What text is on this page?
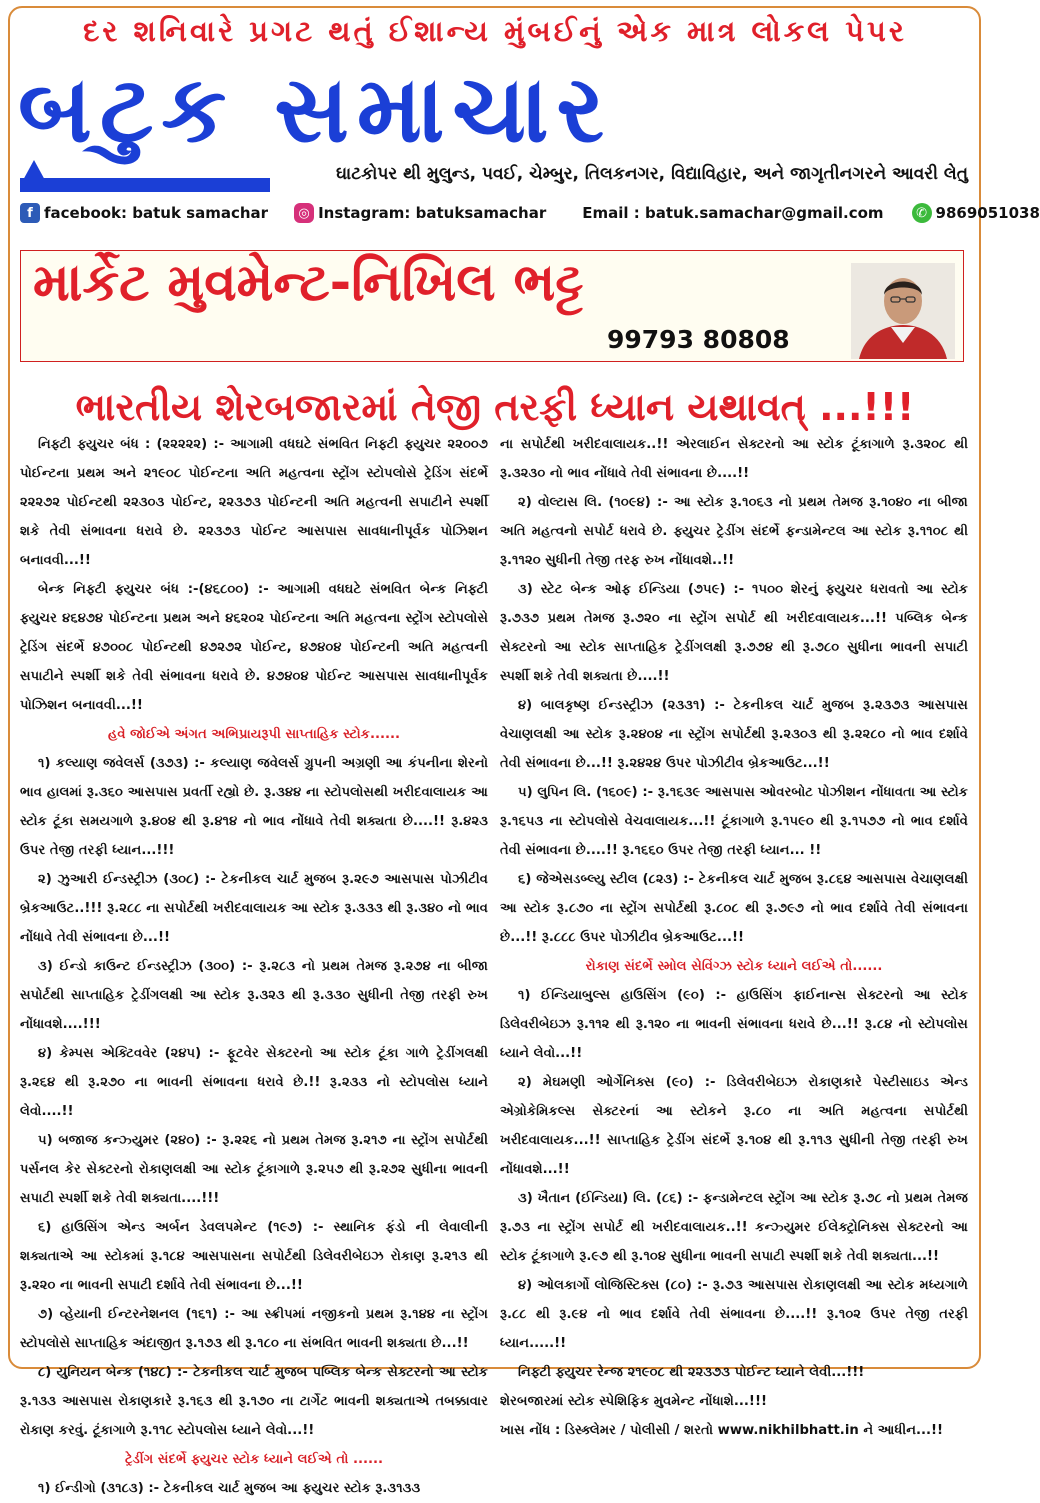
દર શનિવારે પ્રગટ થતું ઈશાન્ય મુંબઈનું એક માત્ર લોકલ પેપર
બટુક સમાચાર
ઘાટકોપર થી મુલુન્ડ, પવઈ, ચેમ્બુર, તિલકનગર, વિદ્યાવિહાર, અને જાગૃતીનગરને આવરી લેતુ
f facebook: batuk samachar	◎ Instagram: batuksamachar Email : batuk.samachar@gmail.com	✆ 9869051038
માર્કેટ મુવમેન્ટ-નિખિલ ભટ્ટ
99793 80808
ભારતીય શેરબજારમાં તેજી તરફી ધ્યાન યથાવત્ ...!!!

નિફ્ટી ફ્યુચર બંધ : (૨૨૨૨૨) :- આગામી વધઘટે સંભવિત નિફ્ટી ફ્યુચર ૨૨૦૦૭ પોઈન્ટના પ્રથમ અને ૨૧૯૦૮ પોઈન્ટના અતિ મહત્વના સ્ટ્રોંગ સ્ટોપલોસે ટ્રેડિંગ સંદર્ભે ૨૨૨૭૨ પોઈન્ટથી ૨૨૩૦૩ પોઈન્ટ, ૨૨૩૭૩ પોઈન્ટની અતિ મહત્વની સપાટીને સ્પર્શી શકે તેવી સંભાવના ધરાવે છે. ૨૨૩૭૩ પોઈન્ટ આસપાસ સાવધાનીપૂર્વક પોઝિશન બનાવવી...!!

બેન્ક નિફ્ટી ફ્યુચર બંધ :-(૪૬૮૦૦) :- આગામી વધઘટે સંભવિત બેન્ક નિફ્ટી ફ્યુચર ૪૬૪૭૪ પોઈન્ટના પ્રથમ અને ૪૬૨૦૨ પોઈન્ટના અતિ મહત્વના સ્ટ્રોંગ સ્ટોપલોસે ટ્રેડિંગ સંદર્ભે ૪૭૦૦૮ પોઈન્ટથી ૪૭૨૭૨ પોઈન્ટ, ૪૭૪૦૪ પોઈન્ટની અતિ મહત્વની સપાટીને સ્પર્શી શકે તેવી સંભાવના ધરાવે છે. ૪૭૪૦૪ પોઈન્ટ આસપાસ સાવધાનીપૂર્વક પોઝિશન બનાવવી...!!

હવે જોઈએ અંગત અભિપ્રાયરૂપી સાપ્તાહિક સ્ટોક......

૧) કલ્યાણ જવેલર્સ (૩૭૩) :- કલ્યાણ જવેલર્સ ગ્રુપની અગ્રણી આ કંપનીના શેરનો ભાવ હાલમાં રૂ.૩૬૦ આસપાસ પ્રવર્તી રહ્યો છે. રૂ.૩૪૪ ના સ્ટોપલોસથી ખરીદવાલાયક આ સ્ટોક ટૂંકા સમયગાળે રૂ.૪૦૪ થી રૂ.૪૧૪ નો ભાવ નોંધાવે તેવી શક્યતા છે....!! રૂ.૪૨૩ ઉપર તેજી તરફી ધ્યાન...!!!

૨) ઝુઆરી ઈન્ડસ્ટ્રીઝ (૩૦૮) :- ટેકનીકલ ચાર્ટ મુજબ રૂ.૨૯૭ આસપાસ પોઝીટીવ બ્રેકઆઉટ..!!! રૂ.૨૮૮ ના સપોર્ટથી ખરીદવાલાયક આ સ્ટોક રૂ.૩૩૩ થી રૂ.૩૪૦ નો ભાવ નોંધાવે તેવી સંભાવના છે...!!

૩) ઈન્ડો કાઉન્ટ ઈન્ડસ્ટ્રીઝ (૩૦૦) :- રૂ.૨૮૩ નો પ્રથમ તેમજ રૂ.૨૭૪ ના બીજા સપોર્ટથી સાપ્તાહિક ટ્રેડીંગલક્ષી આ સ્ટોક રૂ.૩૨૩ થી રૂ.૩૩૦ સુધીની તેજી તરફી રુખ નોંધાવશે....!!!

૪) કેમ્પસ એક્ટિવવેર (૨૪૫) :- ફૂટવેર સેક્ટરનો આ સ્ટોક ટૂંકા ગાળે ટ્રેડીંગલક્ષી રૂ.૨૬૪ થી રૂ.૨૭૦ ના ભાવની સંભાવના ધરાવે છે.!! રૂ.૨૩૩ નો સ્ટોપલોસ ધ્યાને લેવો....!!

૫) બજાજ કન્ઝ્યુમર (૨૪૦) :- રૂ.૨૨૬ નો પ્રથમ તેમજ રૂ.૨૧૭ ના સ્ટ્રોંગ સપોર્ટથી પર્સનલ કેર સેક્ટરનો રોકાણલક્ષી આ સ્ટોક ટૂંકાગાળે રૂ.૨૫૭ થી રૂ.૨૭૨ સુધીના ભાવની સપાટી સ્પર્શી શકે તેવી શક્યતા....!!!

૬) હાઉસિંગ એન્ડ અર્બન ડેવલપમેન્ટ (૧૯૭) :- સ્થાનિક ફંડો ની લેવાલીની શક્યતાએ આ સ્ટોકમાં રૂ.૧૮૪ આસપાસના સપોર્ટથી ડિલેવરીબેઇઝ રોકાણ રૂ.૨૧૩ થી રૂ.૨૨૦ ના ભાવની સપાટી દર્શાવે તેવી સંભાવના છે...!!

૭) વ્હેયાની ઈન્ટરનેશનલ (૧૬૧) :- આ સ્ક્રીપમાં નજીકનો પ્રથમ રૂ.૧૪૪ ના સ્ટ્રોંગ સ્ટોપલોસે સાપ્તાહિક અંદાજીત રૂ.૧૭૩ થી રૂ.૧૮૦ ના સંભવિત ભાવની શક્યતા છે...!!

૮) યુનિયન બેન્ક (૧૪૮) :- ટેકનીકલ ચાર્ટ મુજબ પબ્લિક બેન્ક સેક્ટરનો આ સ્ટોક રૂ.૧૩૩ આસપાસ રોકાણકારે રૂ.૧૬૩ થી રૂ.૧૭૦ ના ટાર્ગેટ ભાવની શક્યતાએ તબક્કાવાર રોકાણ કરવું. ટૂંકાગાળે રૂ.૧૧૮ સ્ટોપલોસ ધ્યાને લેવો...!!

ટ્રેડીંગ સંદર્ભે ફ્યુચર સ્ટોક ધ્યાને લઈએ તો ......

૧) ઈન્ડીગો (૩૧૮૩) :- ટેકનીકલ ચાર્ટ મુજબ આ ફ્યુચર સ્ટોક રૂ.૩૧૩૩

ના સપોર્ટથી ખરીદવાલાયક..!! એરલાઈન સેક્ટરનો આ સ્ટોક ટૂંકાગાળે રૂ.૩૨૦૮ થી રૂ.૩૨૩૦ નો ભાવ નોંધાવે તેવી સંભાવના છે....!!

૨) વોલ્ટાસ લિ. (૧૦૯૪) :- આ સ્ટોક રૂ.૧૦૬૩ નો પ્રથમ તેમજ રૂ.૧૦૪૦ ના બીજા અતિ મહત્વનો સપોર્ટ ધરાવે છે. ફ્યુચર ટ્રેડીંગ સંદર્ભે ફન્ડામેન્ટલ આ સ્ટોક રૂ.૧૧૦૮ થી રૂ.૧૧૨૦ સુધીની તેજી તરફ રુખ નોંધાવશે..!!

૩) સ્ટેટ બેન્ક ઓફ ઈન્ડિયા (૭૫૯) :- ૧૫૦૦ શેરનું ફ્યુચર ધરાવતો આ સ્ટોક રૂ.૭૩૭ પ્રથમ તેમજ રૂ.૭૨૦ ના સ્ટ્રોંગ સપોર્ટ થી ખરીદવાલાયક...!! પબ્લિક બેન્ક સેક્ટરનો આ સ્ટોક સાપ્તાહિક ટ્રેડીંગલક્ષી રૂ.૭૭૪ થી રૂ.૭૮૦ સુધીના ભાવની સપાટી સ્પર્શી શકે તેવી શક્યતા છે....!!

૪) બાલકૃષ્ણ ઈન્ડસ્ટ્રીઝ (૨૩૩૧) :- ટેકનીકલ ચાર્ટ મુજબ રૂ.૨૩૭૩ આસપાસ વેચાણલક્ષી આ સ્ટોક રૂ.૨૪૦૪ ના સ્ટ્રોંગ સપોર્ટથી રૂ.૨૩૦૩ થી રૂ.૨૨૮૦ નો ભાવ દર્શાવે તેવી સંભાવના છે...!! રૂ.૨૪૨૪ ઉપર પોઝીટીવ બ્રેકઆઉટ...!!

૫) લુપિન લિ. (૧૬૦૯) :- રૂ.૧૬૩૯ આસપાસ ઓવરબોટ પોઝીશન નોંધાવતા આ સ્ટોક રૂ.૧૬૫૩ ના સ્ટોપલોસે વેચવાલાયક...!! ટૂંકાગાળે રૂ.૧૫૯૦ થી રૂ.૧૫૭૭ નો ભાવ દર્શાવે તેવી સંભાવના છે....!! રૂ.૧૬૬૦ ઉપર તેજી તરફી ધ્યાન... !!

૬) જેએસડબ્લ્યુ સ્ટીલ (૮૨૩) :- ટેકનીકલ ચાર્ટ મુજબ રૂ.૮૬૪ આસપાસ વેચાણલક્ષી આ સ્ટોક રૂ.૮૭૦ ના સ્ટ્રોંગ સપોર્ટથી રૂ.૮૦૮ થી રૂ.૭૯૭ નો ભાવ દર્શાવે તેવી સંભાવના છે...!! રૂ.૮૮૮ ઉપર પોઝીટીવ બ્રેકઆઉટ...!!

રોકાણ સંદર્ભે સ્મોલ સેવિંગ્ઝ સ્ટોક ધ્યાને લઈએ તો......

૧) ઈન્ડિયાબુલ્સ હાઉસિંગ (૯૦) :- હાઉસિંગ ફાઈનાન્સ સેક્ટરનો આ સ્ટોક ડિલેવરીબેઇઝ રૂ.૧૧૨ થી રૂ.૧૨૦ ના ભાવની સંભાવના ધરાવે છે...!! રૂ.૮૪ નો સ્ટોપલોસ ધ્યાને લેવો...!!

૨) મેઘમણી ઓર્ગેનિક્સ (૯૦) :- ડિલેવરીબેઇઝ રોકાણકારે પેસ્ટીસાઇડ એન્ડ એગ્રોકેમિકલ્સ સેક્ટરનાં આ સ્ટોકને રૂ.૮૦ ના અતિ મહત્વના સપોર્ટથી ખરીદવાલાયક...!! સાપ્તાહિક ટ્રેડીંગ સંદર્ભે રૂ.૧૦૪ થી રૂ.૧૧૩ સુધીની તેજી તરફી રુખ નોંધાવશે...!!

૩) ખૈતાન (ઈન્ડિયા) લિ. (૮૬) :- ફન્ડામેન્ટલ સ્ટ્રોંગ આ સ્ટોક રૂ.૭૮ નો પ્રથમ તેમજ રૂ.૭૩ ના સ્ટ્રોંગ સપોર્ટ થી ખરીદવાલાયક..!! કન્ઝ્યુમર ઈલેક્ટ્રોનિક્સ સેક્ટરનો આ સ્ટોક ટૂંકાગાળે રૂ.૯૭ થી રૂ.૧૦૪ સુધીના ભાવની સપાટી સ્પર્શી શકે તેવી શક્યતા...!!

૪) ઓલકાર્ગો લોજિસ્ટિક્સ (૮૦) :- રૂ.૭૩ આસપાસ રોકાણલક્ષી આ સ્ટોક મધ્યગાળે રૂ.૮૮ થી રૂ.૯૪ નો ભાવ દર્શાવે તેવી સંભાવના છે....!! રૂ.૧૦૨ ઉપર તેજી તરફી ધ્યાન.....!!

નિફ્ટી ફ્યુચર રેન્જ ૨૧૯૦૮ થી ૨૨૩૭૩ પોઈન્ટ ધ્યાને લેવી...!!!

શેરબજારમાં સ્ટોક સ્પેશિફિક મુવમેન્ટ નોંધાશે...!!!

ખાસ નોંધ : ડિસ્ક્લેમર / પોલીસી / શરતો www.nikhilbhatt.in ને આધીન...!!
